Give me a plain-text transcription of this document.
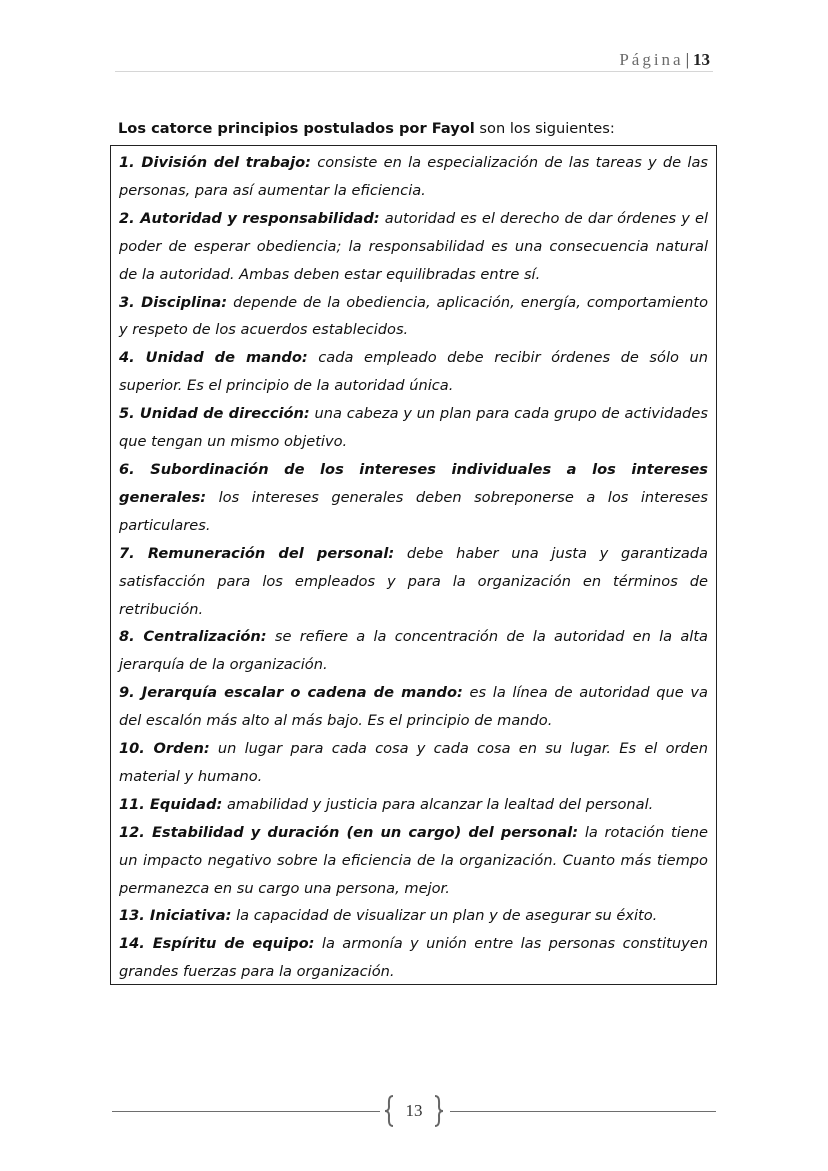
Página | 13
Los catorce principios postulados por Fayol son los siguientes:

1. División del trabajo: consiste en la especialización de las tareas y de las personas, para así aumentar la eficiencia.

2. Autoridad y responsabilidad: autoridad es el derecho de dar órdenes y el poder de esperar obediencia; la responsabilidad es una consecuencia natural de la autoridad. Ambas deben estar equilibradas entre sí.

3. Disciplina: depende de la obediencia, aplicación, energía, comportamiento y respeto de los acuerdos establecidos.

4. Unidad de mando: cada empleado debe recibir órdenes de sólo un superior. Es el principio de la autoridad única.

5. Unidad de dirección: una cabeza y un plan para cada grupo de actividades que tengan un mismo objetivo.

6. Subordinación de los intereses individuales a los intereses generales: los intereses generales deben sobreponerse a los intereses particulares.

7. Remuneración del personal: debe haber una justa y garantizada satisfacción para los empleados y para la organización en términos de retribución.

8. Centralización: se refiere a la concentración de la autoridad en la alta jerarquía de la organización.

9. Jerarquía escalar o cadena de mando: es la línea de autoridad que va del escalón más alto al más bajo. Es el principio de mando.

10. Orden: un lugar para cada cosa y cada cosa en su lugar. Es el orden material y humano.

11. Equidad: amabilidad y justicia para alcanzar la lealtad del personal.

12. Estabilidad y duración (en un cargo) del personal: la rotación tiene un impacto negativo sobre la eficiencia de la organización. Cuanto más tiempo permanezca en su cargo una persona, mejor.

13. Iniciativa: la capacidad de visualizar un plan y de asegurar su éxito.

14. Espíritu de equipo: la armonía y unión entre las personas constituyen grandes fuerzas para la organización.

13
